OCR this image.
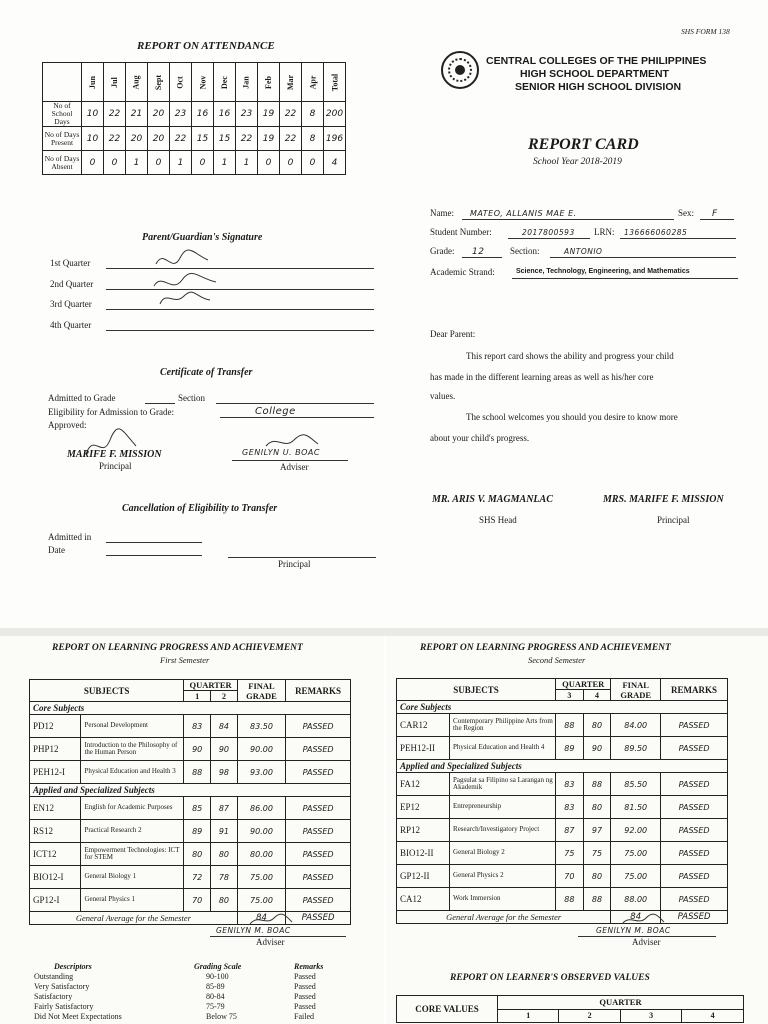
SHS FORM 138
REPORT ON ATTENDANCE
	Jun	Jul	Aug	Sept	Oct	Nov	Dec	Jan	Feb	Mar	Apr	Total
No of School Days	10	22	21	20	23	16	16	23	19	22	8	200
No of Days Present	10	22	20	20	22	15	15	22	19	22	8	196
No of Days Absent	0	0	1	0	1	0	1	1	0	0	0	4
Parent/Guardian's Signature
1st Quarter
2nd Quarter
3rd Quarter
4th Quarter
Certificate of Transfer
Admitted to Grade	Section
Eligibility for Admission to Grade:	College
Approved:
MARIFE F. MISSION
Principal
GENILYN U. BOAC
Adviser
Cancellation of Eligibility to Transfer
Admitted in
Date
Principal
CENTRAL COLLEGES OF THE PHILIPPINES
HIGH SCHOOL DEPARTMENT
SENIOR HIGH SCHOOL DIVISION
REPORT CARD
School Year 2018-2019
Name: MATEO, ALLANIS MAE E.	Sex: F
Student Number:	2017800593 LRN: 136666060285
Grade: 12	Section:	ANTONIO
Academic Strand:	Science, Technology, Engineering, and Mathematics
Dear Parent:
This report card shows the ability and progress your child
has made in the different learning areas as well as his/her core
values.
The school welcomes you should you desire to know more
about your child's progress.
MR. ARIS V. MAGMANLAC
SHS Head
MRS. MARIFE F. MISSION
Principal
REPORT ON LEARNING PROGRESS AND ACHIEVEMENT
First Semester
SUBJECTS		QUARTER		FINAL GRADE	REMARKS
		1	2		
Core Subjects					
PD12	Personal Development	83	84	83.50	PASSED
PHP12	Introduction to the Philosophy of the Human Person	90	90	90.00	PASSED
PEH12-I	Physical Education and Health 3	88	98	93.00	PASSED
Applied and Specialized Subjects					
EN12	English for Academic Purposes	85	87	86.00	PASSED
RS12	Practical Research 2	89	91	90.00	PASSED
ICT12	Empowerment Technologies: ICT for STEM	80	80	80.00	PASSED
BIO12-I	General Biology 1	72	78	75.00	PASSED
GP12-I	General Physics 1	70	80	75.00	PASSED
General Average for the Semester				84	PASSED
GENILYN M. BOAC
Adviser
Descriptors	Grading Scale	Remarks
Outstanding	90-100	Passed
Very Satisfactory	85-89	Passed
Satisfactory	80-84	Passed
Fairly Satisfactory	75-79	Passed
Did Not Meet Expectations	Below 75	Failed
REPORT ON LEARNING PROGRESS AND ACHIEVEMENT
Second Semester
SUBJECTS		QUARTER		FINAL GRADE	REMARKS
		3	4		
Core Subjects					
CAR12	Contemporary Philippine Arts from the Region	88	80	84.00	PASSED
PEH12-II	Physical Education and Health 4	89	90	89.50	PASSED
Applied and Specialized Subjects					
FA12	Pagsulat sa Filipino sa Larangan ng Akademik	83	88	85.50	PASSED
EP12	Entrepreneurship	83	80	81.50	PASSED
RP12	Research/Investigatory Project	87	97	92.00	PASSED
BIO12-II	General Biology 2	75	75	75.00	PASSED
GP12-II	General Physics 2	70	80	75.00	PASSED
CA12	Work Immersion	88	88	88.00	PASSED
General Average for the Semester				84	PASSED
GENILYN M. BOAC
Adviser
REPORT ON LEARNER'S OBSERVED VALUES
CORE VALUES	QUARTER			
	1	2	3	4
